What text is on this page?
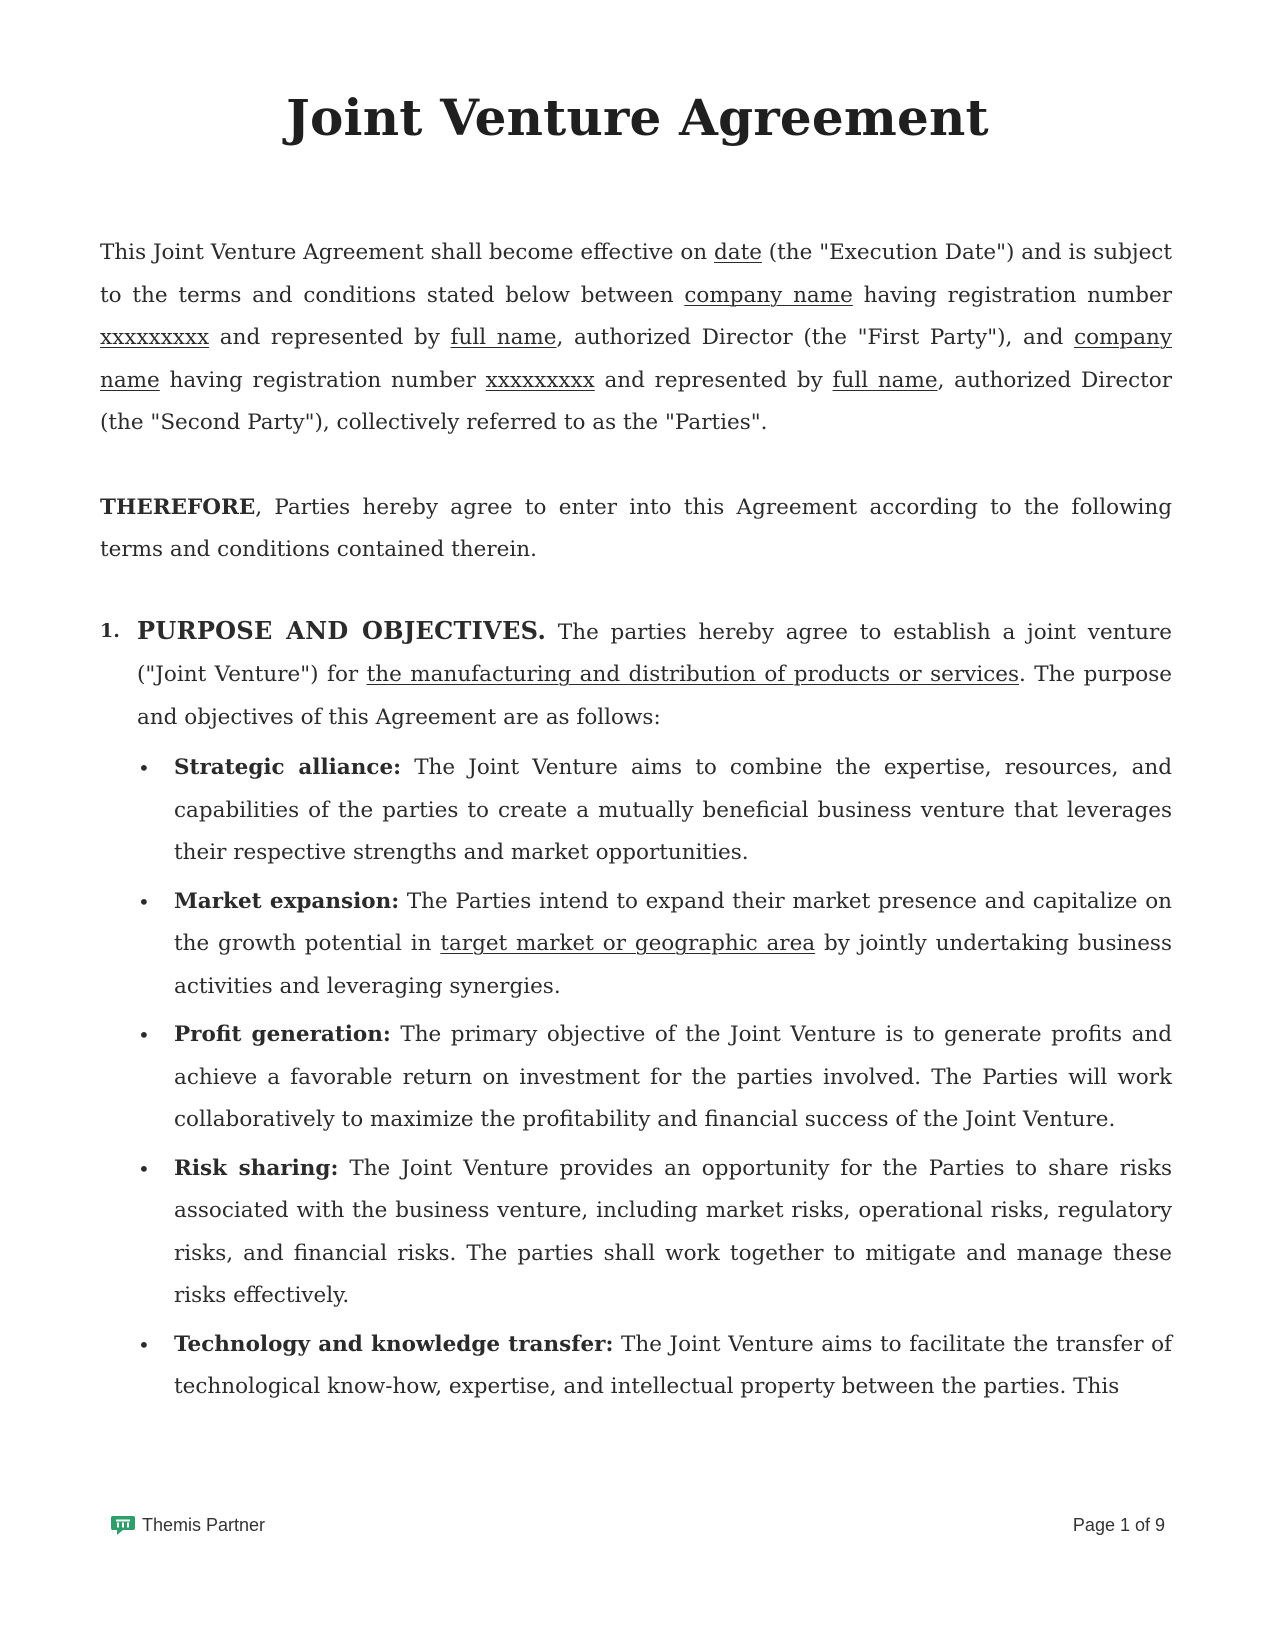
Joint Venture Agreement

This Joint Venture Agreement shall become effective on date (the "Execution Date") and is subject to the terms and conditions stated below between company name having registration number xxxxxxxxx and represented by full name, authorized Director (the "First Party"), and company name having registration number xxxxxxxxx and represented by full name, authorized Director (the "Second Party"), collectively referred to as the "Parties".

THEREFORE, Parties hereby agree to enter into this Agreement according to the following terms and conditions contained therein.

1. PURPOSE AND OBJECTIVES. The parties hereby agree to establish a joint venture ("Joint Venture") for the manufacturing and distribution of products or services. The purpose and objectives of this Agreement are as follows:
• Strategic alliance: The Joint Venture aims to combine the expertise, resources, and capabilities of the parties to create a mutually beneficial business venture that leverages their respective strengths and market opportunities.
• Market expansion: The Parties intend to expand their market presence and capitalize on the growth potential in target market or geographic area by jointly undertaking business activities and leveraging synergies.
• Profit generation: The primary objective of the Joint Venture is to generate profits and achieve a favorable return on investment for the parties involved. The Parties will work collaboratively to maximize the profitability and financial success of the Joint Venture.
• Risk sharing: The Joint Venture provides an opportunity for the Parties to share risks associated with the business venture, including market risks, operational risks, regulatory risks, and financial risks. The parties shall work together to mitigate and manage these risks effectively.
• Technology and knowledge transfer: The Joint Venture aims to facilitate the transfer of technological know-how, expertise, and intellectual property between the parties. This
Themis Partner	Page 1 of 9
